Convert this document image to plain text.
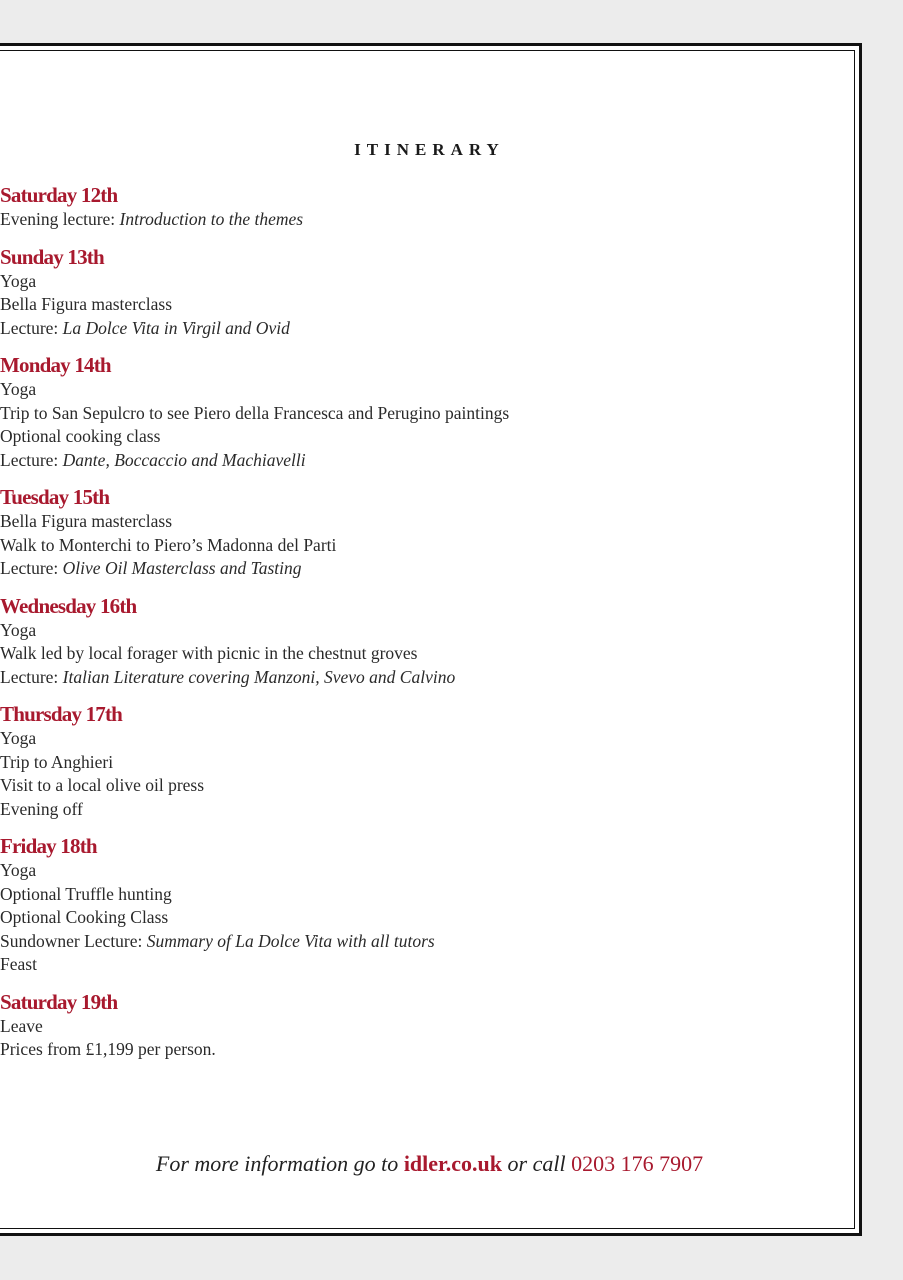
ITINERARY
Saturday 12th
Evening lecture: Introduction to the themes
Sunday 13th
Yoga
Bella Figura masterclass
Lecture: La Dolce Vita in Virgil and Ovid
Monday 14th
Yoga
Trip to San Sepulcro to see Piero della Francesca and Perugino paintings
Optional cooking class
Lecture: Dante, Boccaccio and Machiavelli
Tuesday 15th
Bella Figura masterclass
Walk to Monterchi to Piero’s Madonna del Parti
Lecture: Olive Oil Masterclass and Tasting
Wednesday 16th
Yoga
Walk led by local forager with picnic in the chestnut groves
Lecture: Italian Literature covering Manzoni, Svevo and Calvino
Thursday 17th
Yoga
Trip to Anghieri
Visit to a local olive oil press
Evening off
Friday 18th
Yoga
Optional Truffle hunting
Optional Cooking Class
Sundowner Lecture: Summary of La Dolce Vita with all tutors
Feast
Saturday 19th
Leave
Prices from £1,199 per person.
For more information go to idler.co.uk or call 0203 176 7907
